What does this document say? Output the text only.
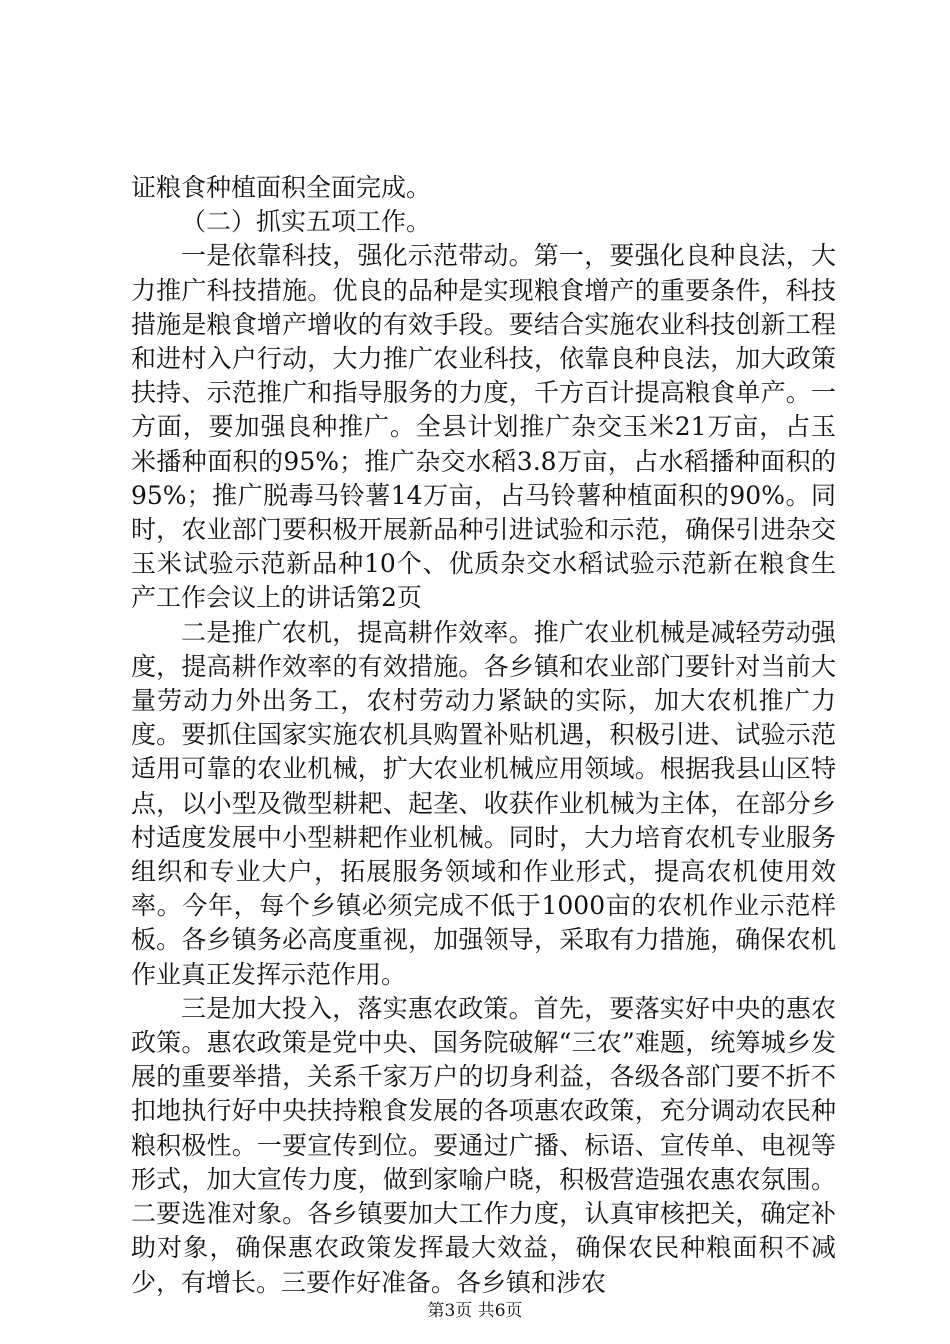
证粮食种植面积全面完成。

（二）抓实五项工作。

一是依靠科技，强化示范带动。第一，要强化良种良法，大力推广科技措施。优良的品种是实现粮食增产的重要条件，科技措施是粮食增产增收的有效手段。要结合实施农业科技创新工程和进村入户行动，大力推广农业科技，依靠良种良法，加大政策扶持、示范推广和指导服务的力度，千方百计提高粮食单产。一方面，要加强良种推广。全县计划推广杂交玉米21万亩，占玉米播种面积的95%；推广杂交水稻3.8万亩，占水稻播种面积的95%；推广脱毒马铃薯14万亩，占马铃薯种植面积的90%。同时，农业部门要积极开展新品种引进试验和示范，确保引进杂交玉米试验示范新品种10个、优质杂交水稻试验示范新在粮食生产工作会议上的讲话第2页

二是推广农机，提高耕作效率。推广农业机械是减轻劳动强度，提高耕作效率的有效措施。各乡镇和农业部门要针对当前大量劳动力外出务工，农村劳动力紧缺的实际，加大农机推广力度。要抓住国家实施农机具购置补贴机遇，积极引进、试验示范适用可靠的农业机械，扩大农业机械应用领域。根据我县山区特点，以小型及微型耕耙、起垄、收获作业机械为主体，在部分乡村适度发展中小型耕耙作业机械。同时，大力培育农机专业服务组织和专业大户，拓展服务领域和作业形式，提高农机使用效率。今年，每个乡镇必须完成不低于1000亩的农机作业示范样板。各乡镇务必高度重视，加强领导，采取有力措施，确保农机作业真正发挥示范作用。

三是加大投入，落实惠农政策。首先，要落实好中央的惠农政策。惠农政策是党中央、国务院破解“三农”难题，统筹城乡发展的重要举措，关系千家万户的切身利益，各级各部门要不折不扣地执行好中央扶持粮食发展的各项惠农政策，充分调动农民种粮积极性。一要宣传到位。要通过广播、标语、宣传单、电视等形式，加大宣传力度，做到家喻户晓，积极营造强农惠农氛围。二要选准对象。各乡镇要加大工作力度，认真审核把关，确定补助对象，确保惠农政策发挥最大效益，确保农民种粮面积不减少，有增长。三要作好准备。各乡镇和涉农

第3页 共6页
